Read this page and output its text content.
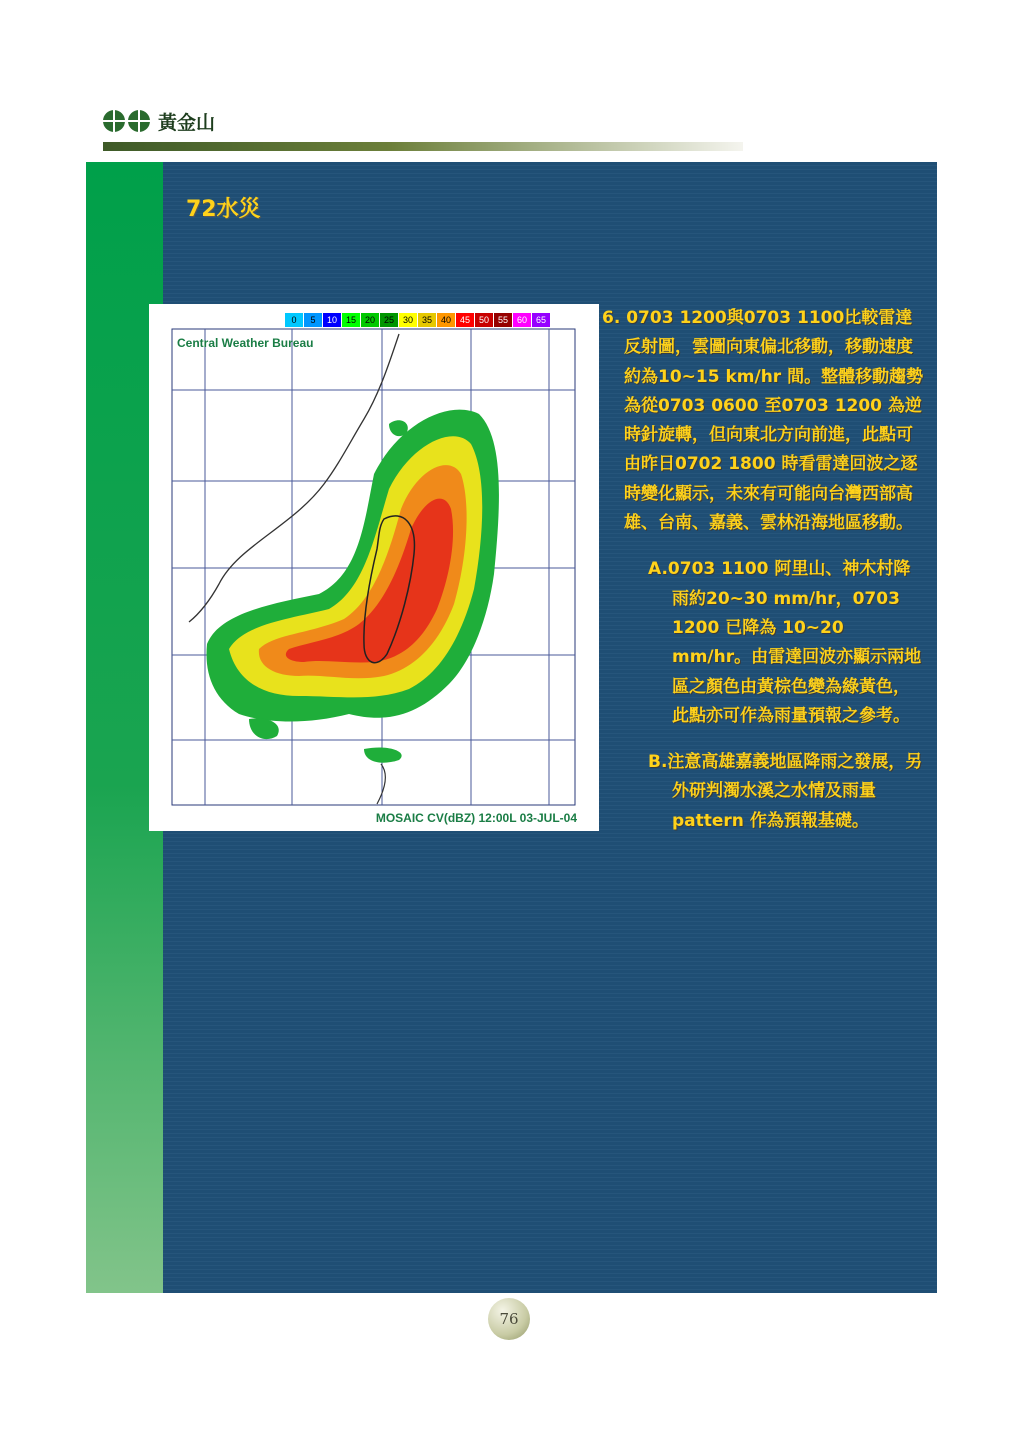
黃金山
72水災
0	5	10 15 20 25 30 35 40 45 50 55 60 65
Central Weather Bureau
MOSAIC CV(dBZ) 12:00L 03-JUL-04

6. 0703 1200與0703 1100比較雷達反射圖，雲圖向東偏北移動，移動速度約為10~15 km/hr 間。整體移動趨勢為從0703 0600 至0703 1200 為逆時針旋轉，但向東北方向前進，此點可由昨日0702 1800 時看雷達回波之逐時變化顯示，未來有可能向台灣西部高雄、台南、嘉義、雲林沿海地區移動。

A.0703 1100 阿里山、神木村降雨約20~30 mm/hr，0703 1200 已降為 10~20 mm/hr。由雷達回波亦顯示兩地區之顏色由黃棕色變為綠黃色，此點亦可作為雨量預報之參考。

B.注意高雄嘉義地區降雨之發展，另外研判濁水溪之水情及雨量pattern 作為預報基礎。

76
